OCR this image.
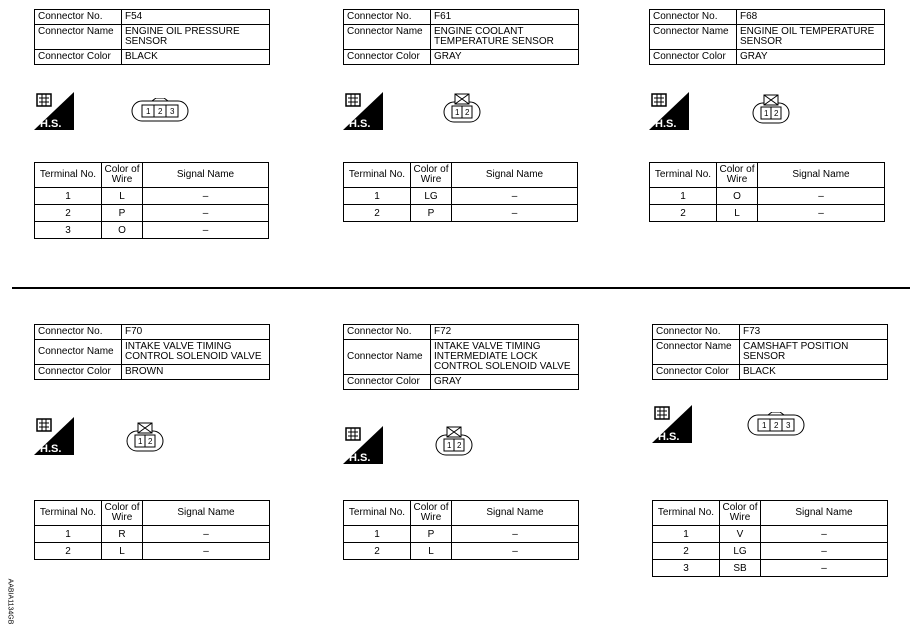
Connector No.	F54
Connector Name	ENGINE OIL PRESSURE SENSOR
Connector Color	BLACK
H.S.
1 2 3
Terminal No.	Color of Wire	Signal Name
1	L	–
2	P	–
3	O	–
Connector No.	F61
Connector Name	ENGINE COOLANT TEMPERATURE SENSOR
Connector Color	GRAY
H.S.
1 2
Terminal No.	Color of Wire	Signal Name
1	LG	–
2	P	–
Connector No.	F68
Connector Name	ENGINE OIL TEMPERATURE SENSOR
Connector Color	GRAY
H.S.
1 2
Terminal No.	Color of Wire	Signal Name
1	O	–
2	L	–
Connector No.	F70
Connector Name	INTAKE VALVE TIMING CONTROL SOLENOID VALVE
Connector Color	BROWN
H.S.
1 2
Terminal No.	Color of Wire	Signal Name
1	R	–
2	L	–
Connector No.	F72
Connector Name	INTAKE VALVE TIMING INTERMEDIATE LOCK CONTROL SOLENOID VALVE
Connector Color	GRAY
H.S.
1 2
Terminal No.	Color of Wire	Signal Name
1	P	–
2	L	–
Connector No.	F73
Connector Name	CAMSHAFT POSITION SENSOR
Connector Color	BLACK
H.S.
1 2 3
Terminal No.	Color of Wire	Signal Name
1	V	–
2	LG	–
3	SB	–
AABIA1134GB
